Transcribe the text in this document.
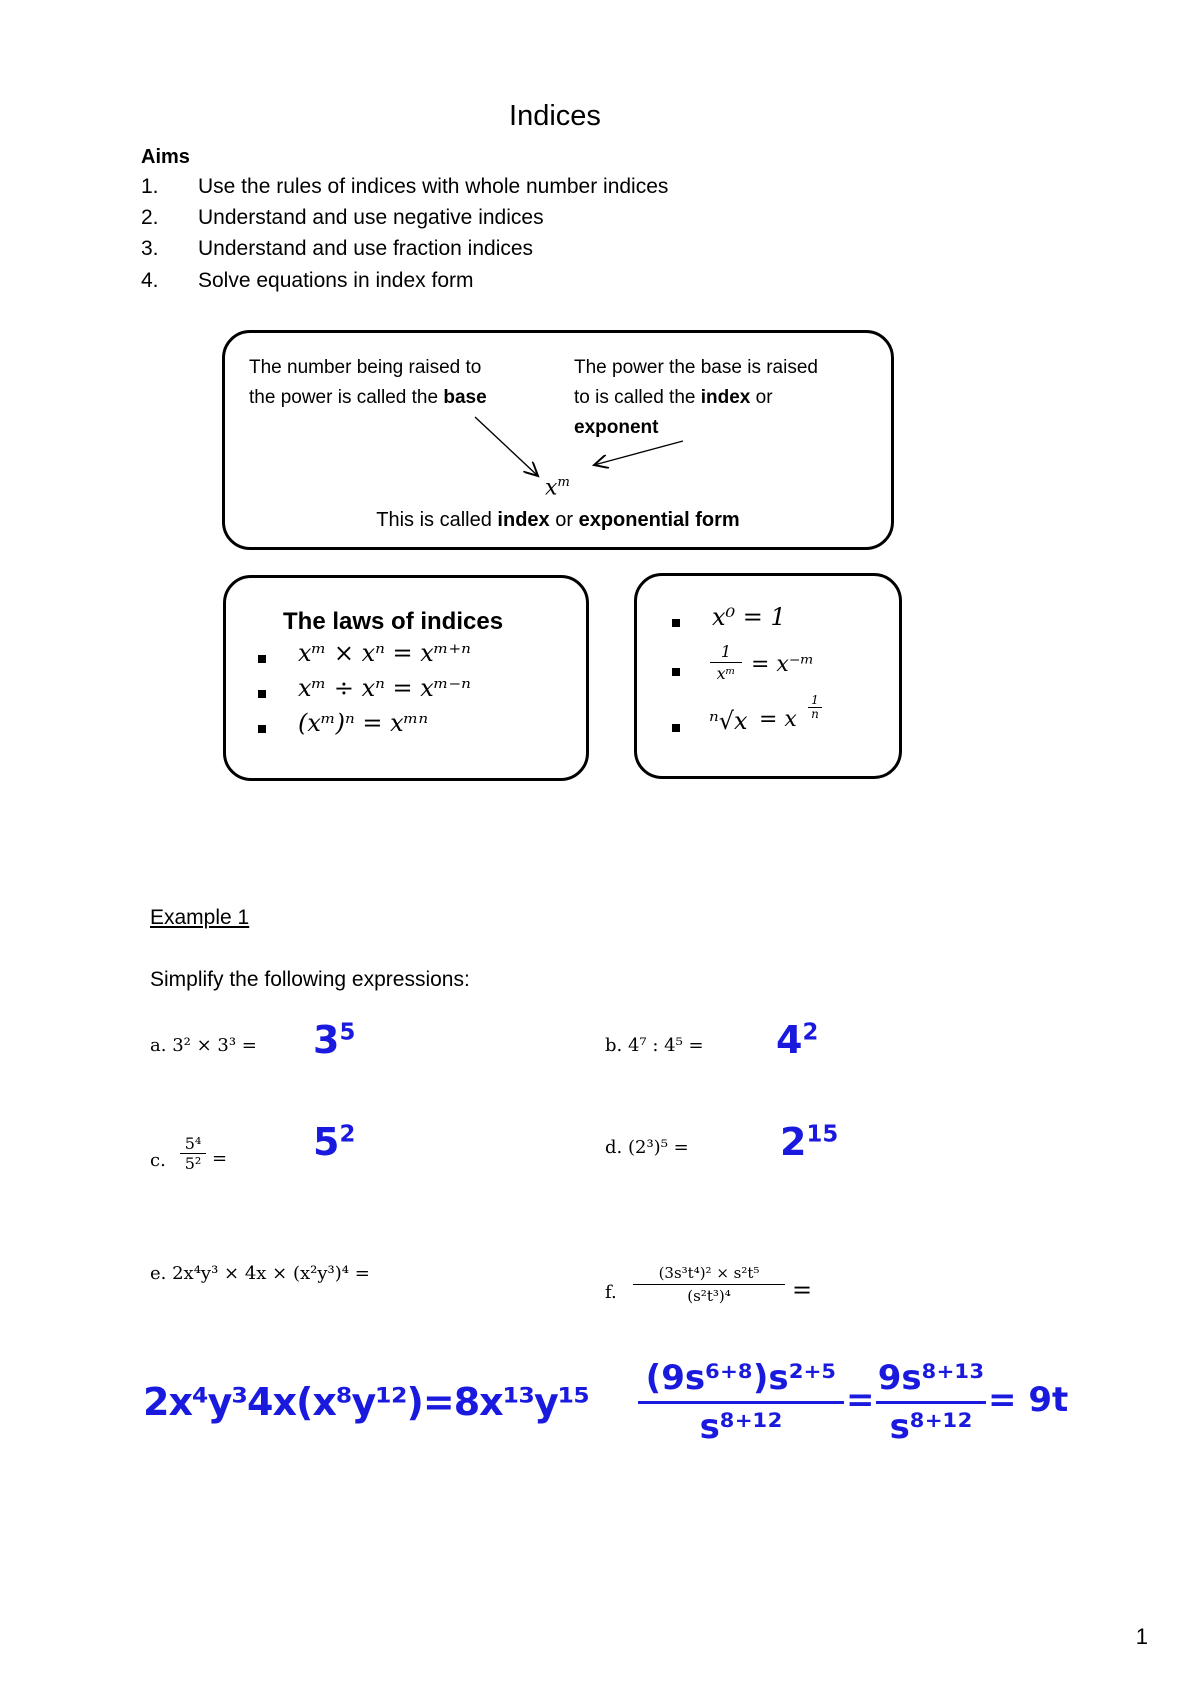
Indices
Aims
1. Use the rules of indices with whole number indices
2. Understand and use negative indices
3. Understand and use fraction indices
4. Solve equations in index form
The number being raised to
the power is called the base
The power the base is raised
to is called the index or
exponent
$x^m$
This is called index or exponential form
The laws of indices
xᵐ × xⁿ = xᵐ⁺ⁿ
xᵐ ÷ xⁿ = xᵐ⁻ⁿ
(xᵐ)ⁿ = xᵐⁿ
x⁰ = 1
$\frac{1}{\text{xᵐ}}$ = x⁻ᵐ
ⁿ√x = x $\frac{1}{n}$
Example 1
Simplify the following expressions:
a. $3^2 \times 3^3 = 3^5$
b. 4⁷ : $4^5 = 4^2$
c. $\frac{\text{5⁴}}{\text{5²}} = 5^2$
d. $(2^3)^5 = 2^{15}$
e. 2x⁴y³ × 4x × (x²y³)⁴ =
f. $\frac{\text{(3s³t⁴)² × s²t⁵}}{\text{(s²t³)⁴}}$ =
$2x^4y^34x(x^8y^{12})=8x^{13}y^{15} \frac{\text{(9s⁶⁺⁸)s²⁺⁵}}{\text{s⁸⁺¹²}} = \frac{\text{9s⁸⁺¹³}}{\text{s⁸⁺¹²}} = 9t$
1
